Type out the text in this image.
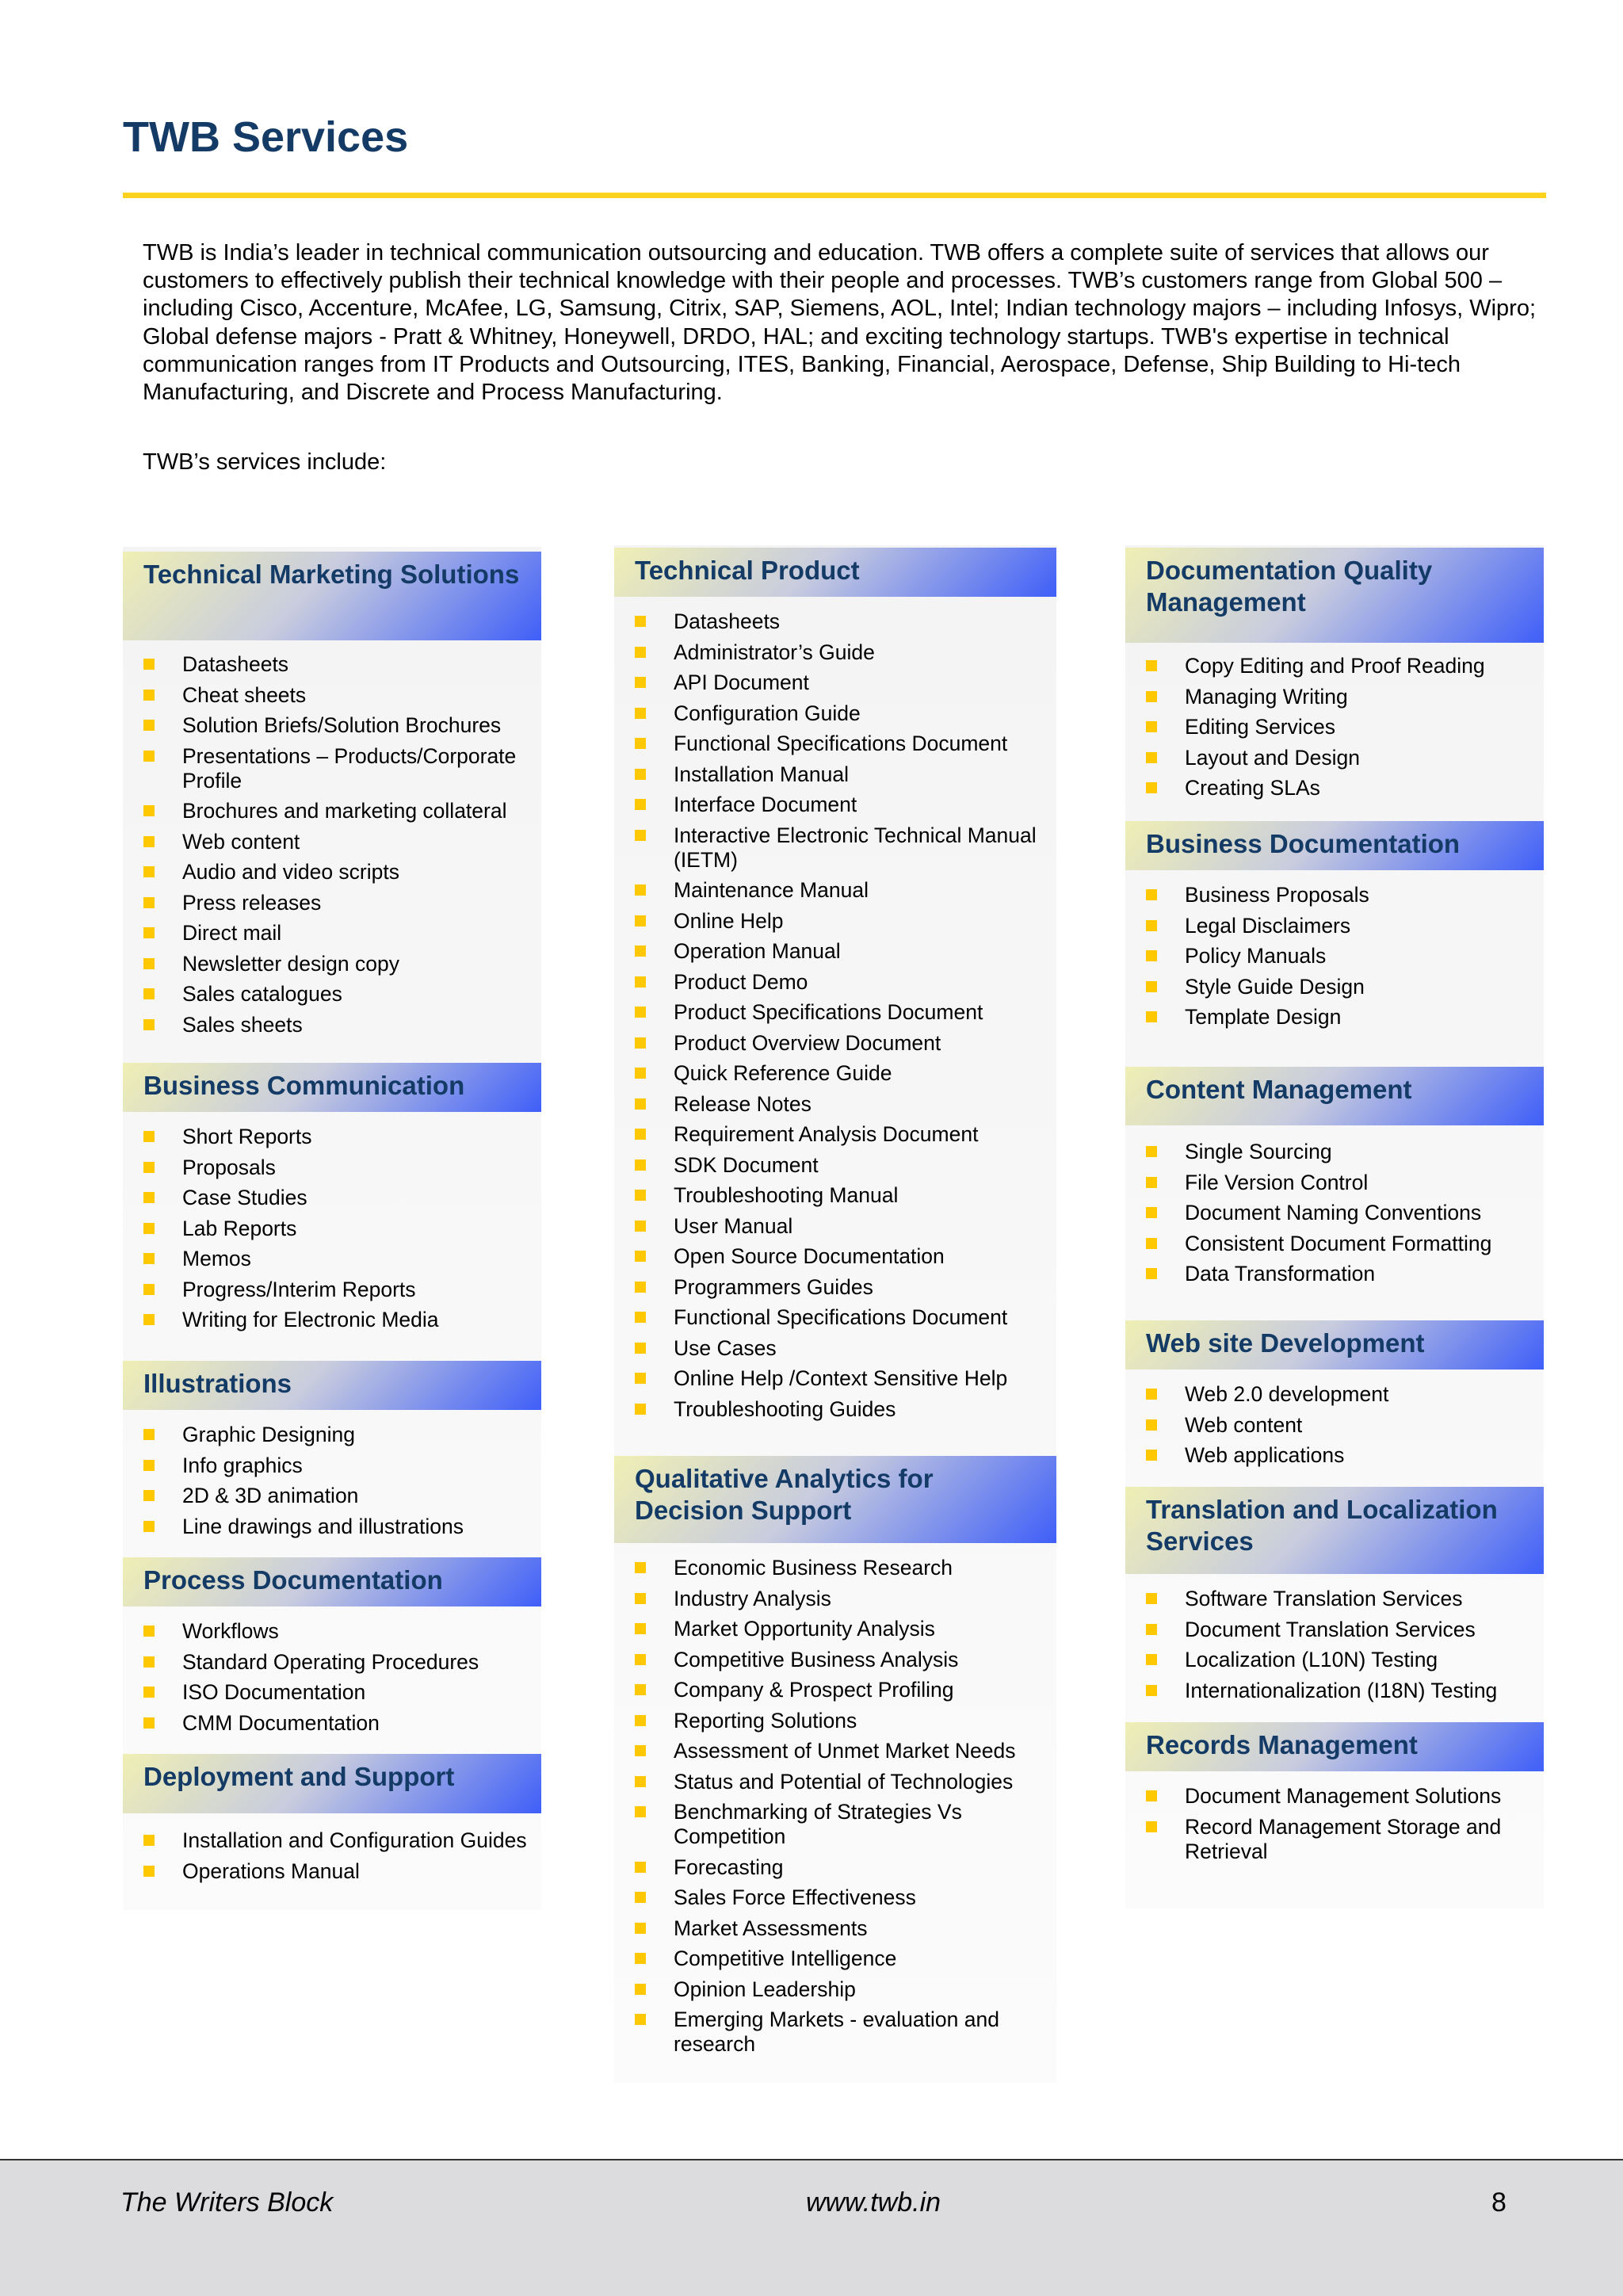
TWB Services

TWB is India’s leader in technical communication outsourcing and education. TWB offers a complete suite of services that allows our customers to effectively publish their technical knowledge with their people and processes. TWB’s customers range from Global 500 – including Cisco, Accenture, McAfee, LG, Samsung, Citrix, SAP, Siemens, AOL, Intel; Indian technology majors – including Infosys, Wipro; Global defense majors - Pratt & Whitney, Honeywell, DRDO, HAL; and exciting technology startups. TWB's expertise in technical communication ranges from IT Products and Outsourcing, ITES, Banking, Financial, Aerospace, Defense, Ship Building to Hi-tech Manufacturing, and Discrete and Process Manufacturing.

TWB’s services include:

Technical Marketing Solutions
Datasheets
Cheat sheets
Solution Briefs/Solution Brochures
Presentations – Products/Corporate Profile
Brochures and marketing collateral
Web content
Audio and video scripts
Press releases
Direct mail
Newsletter design copy
Sales catalogues
Sales sheets
Business Communication
Short Reports
Proposals
Case Studies
Lab Reports
Memos
Progress/Interim Reports
Writing for Electronic Media
Illustrations
Graphic Designing
Info graphics
2D & 3D animation
Line drawings and illustrations
Process Documentation
Workflows
Standard Operating Procedures
ISO Documentation
CMM Documentation
Deployment and Support
Installation and Configuration Guides
Operations Manual
Technical Product
Datasheets
Administrator’s Guide
API Document
Configuration Guide
Functional Specifications Document
Installation Manual
Interface Document
Interactive Electronic Technical Manual (IETM)
Maintenance Manual
Online Help
Operation Manual
Product Demo
Product Specifications Document
Product Overview Document
Quick Reference Guide
Release Notes
Requirement Analysis Document
SDK Document
Troubleshooting Manual
User Manual
Open Source Documentation
Programmers Guides
Functional Specifications Document
Use Cases
Online Help /Context Sensitive Help
Troubleshooting Guides
Qualitative Analytics for Decision Support
Economic Business Research
Industry Analysis
Market Opportunity Analysis
Competitive Business Analysis
Company & Prospect Profiling
Reporting Solutions
Assessment of Unmet Market Needs
Status and Potential of Technologies
Benchmarking of Strategies Vs Competition
Forecasting
Sales Force Effectiveness
Market Assessments
Competitive Intelligence
Opinion Leadership
Emerging Markets - evaluation and research
Documentation Quality Management
Copy Editing and Proof Reading
Managing Writing
Editing Services
Layout and Design
Creating SLAs
Business Documentation
Business Proposals
Legal Disclaimers
Policy Manuals
Style Guide Design
Template Design
Content Management
Single Sourcing
File Version Control
Document Naming Conventions
Consistent Document Formatting
Data Transformation
Web site Development
Web 2.0 development
Web content
Web applications
Translation and Localization Services
Software Translation Services
Document Translation Services
Localization (L10N) Testing
Internationalization (I18N) Testing
Records Management
Document Management Solutions
Record Management Storage and Retrieval
The Writers Block	www.twb.in	8
